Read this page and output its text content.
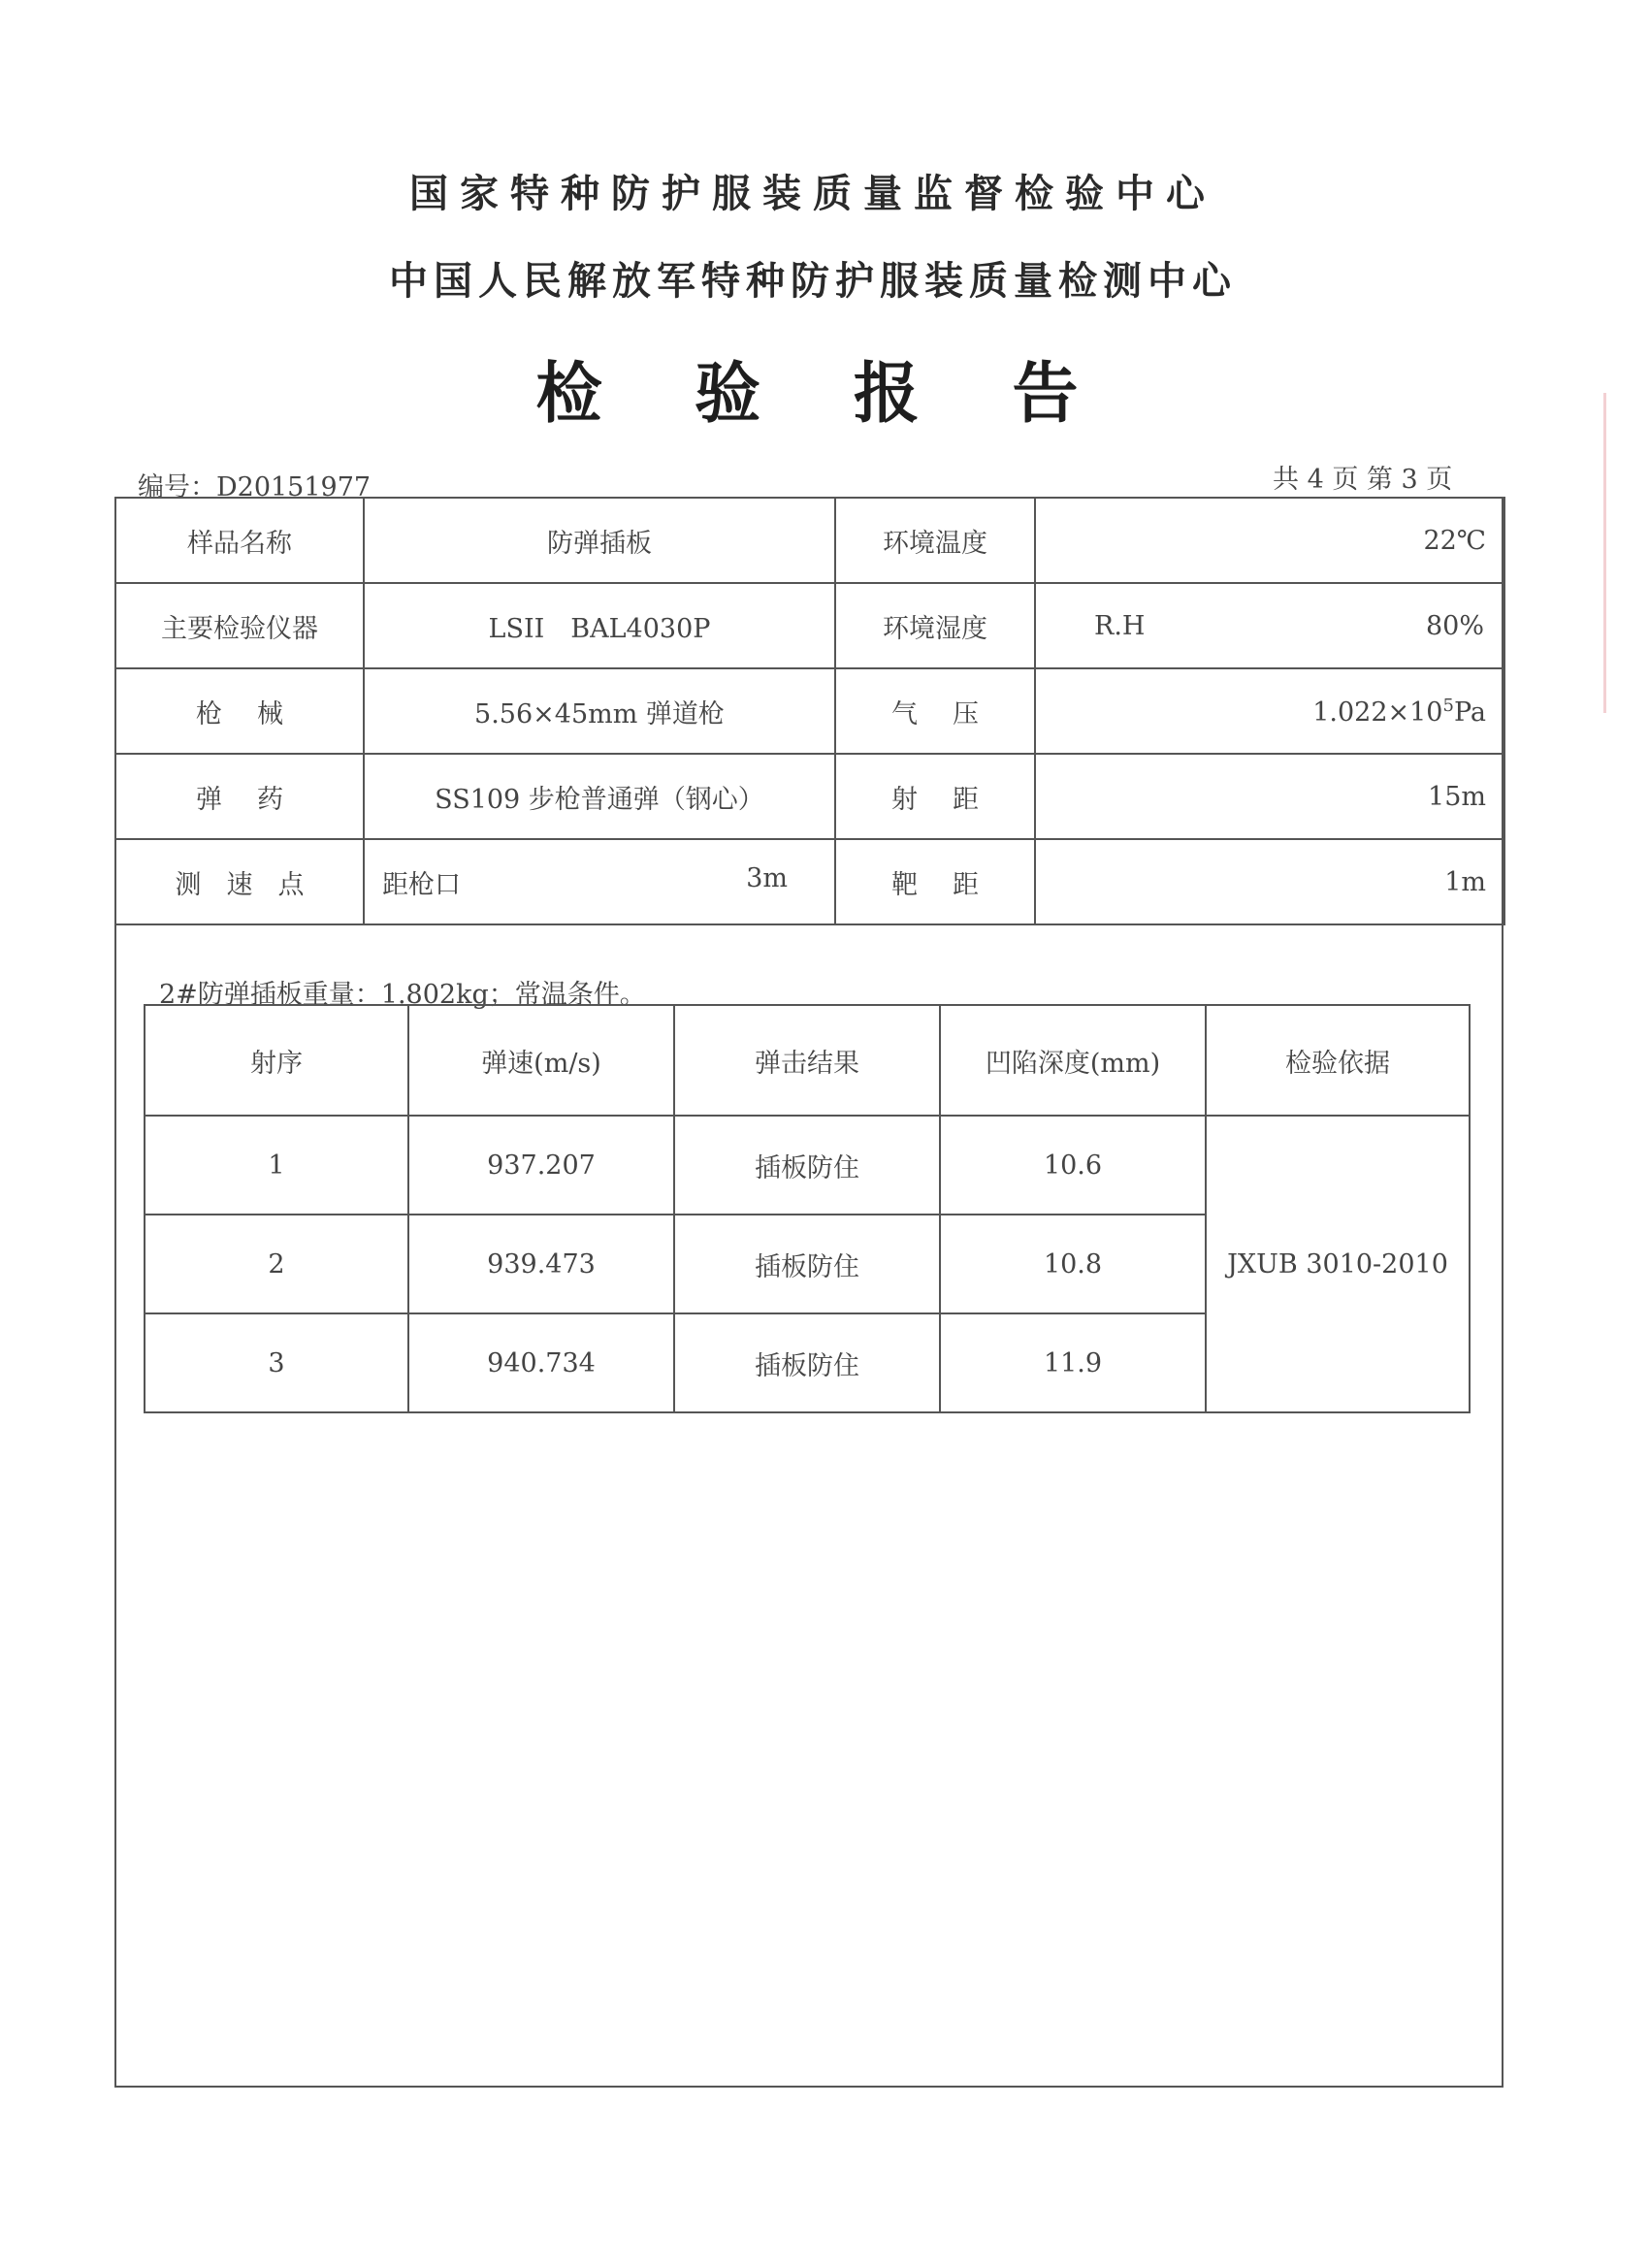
国家特种防护服装质量监督检验中心
中国人民解放军特种防护服装质量检测中心
检 验 报 告
编号：D20151977	共 4 页 第 3 页
样品名称	防弹插板	环境温度	22℃
主要检验仪器	LSII　BAL4030P	环境湿度	R.H 80%

枪械	5.56×45mm 弹道枪	气压	$1.022\times 10^5Pa$
弹药	SS109 步枪普通弹（钢心）	射距	15m
测速点	距枪口 3m	靶距	1m
2#防弹插板重量：1.802kg；常温条件。
射序	弹速(m/s)	弹击结果	凹陷深度(mm)	检验依据
1	937.207	插板防住	10.6	JXUB 3010-2010
2	939.473	插板防住	10.8	
3	940.734	插板防住	11.9	
